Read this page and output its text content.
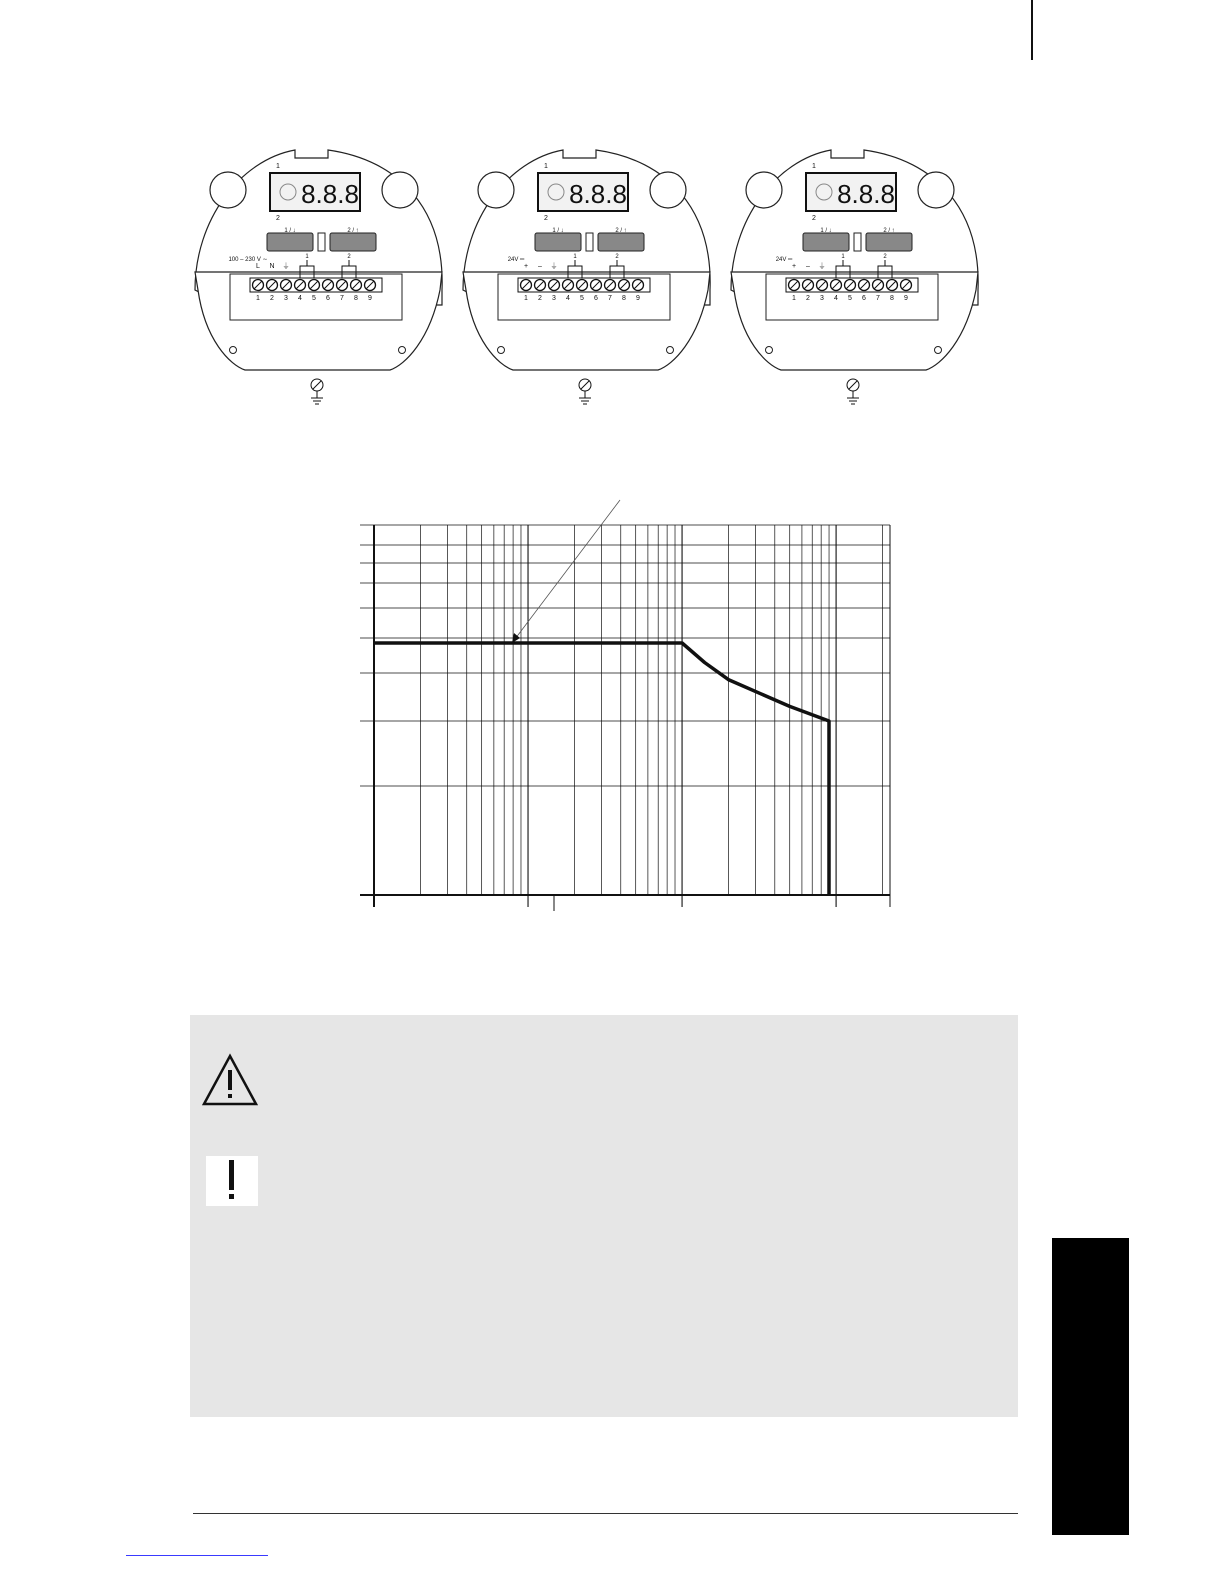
8.8.8
1
2
1 / ↓	2 / ↑
100 – 230 V ∼
L N ⏚
1 2 3 4 5 6 7 8 9
1	2
8.8.8
1
2
1 / ↓	2 / ↑
24V ═
+ – ⏚
1 2 3 4 5 6 7 8 9
1	2
8.8.8
1
2
1 / ↓	2 / ↑
24V ═
+ – ⏚
1 2 3 4 5 6 7 8 9
1	2
